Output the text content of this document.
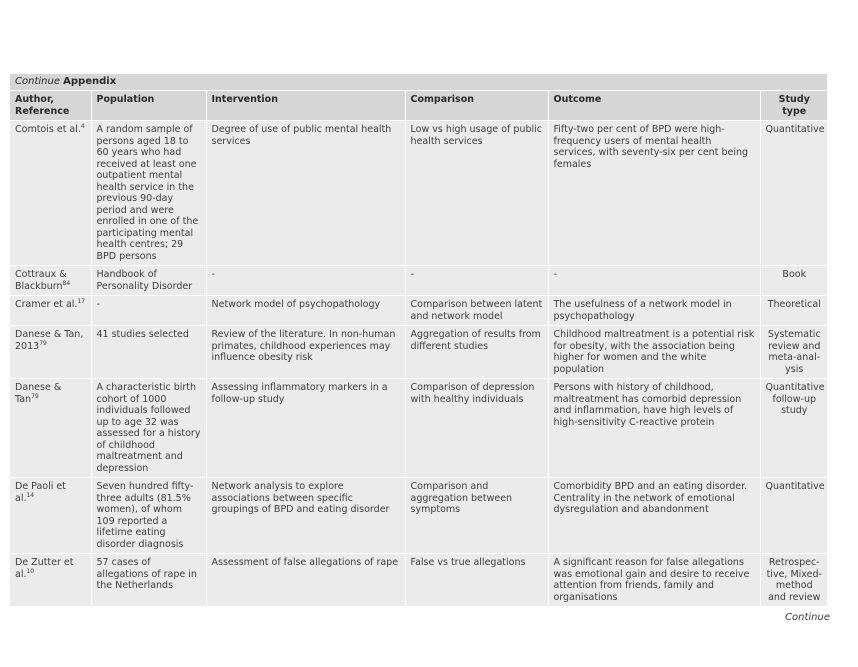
Continue Appendix
Author, Reference	Population	Intervention	Comparison	Outcome	Study type
Comtois et al.$^4$	A random sample of persons aged 18 to 60 years who had received at least one outpatient mental health service in the previous 90-day period and were enrolled in one of the participating mental health centres; 29 BPD persons	Degree of use of public mental health services	Low vs high usage of public health services	Fifty-two per cent of BPD were high-frequency users of mental health services, with seventy-six per cent being females	Quantitative
Cottraux & Blackburn$^{84}$	Handbook of Personality Disorder	-	-	-	Book
Cramer et al.$^{17}$	-	Network model of psychopathology	Comparison between latent and network model	The usefulness of a network model in psychopathology	Theoretical
Danese & Tan, 2013$^{79}$	41 studies selected	Review of the literature. In non-human primates, childhood experiences may influence obesity risk	Aggregation of results from different studies	Childhood maltreatment is a potential risk for obesity, with the association being higher for women and the white population	Systematic review and meta-anal-ysis
Danese & Tan$^{79}$	A characteristic birth cohort of 1000 individuals followed up to age 32 was assessed for a history of childhood maltreatment and depression	Assessing inflammatory markers in a follow-up study	Comparison of depression with healthy individuals	Persons with history of childhood, maltreatment has comorbid depression and inflammation, have high levels of high-sensitivity C-reactive protein	Quantitative follow-up study
De Paoli et al.$^{14}$	Seven hundred fifty-three adults (81.5% women), of whom 109 reported a lifetime eating disorder diagnosis	Network analysis to explore associations between specific groupings of BPD and eating disorder	Comparison and aggregation between symptoms	Comorbidity BPD and an eating disorder. Centrality in the network of emotional dysregulation and abandonment	Quantitative
De Zutter et al.$^{10}$	57 cases of allegations of rape in the Netherlands	Assessment of false allegations of rape	False vs true allegations	A significant reason for false allegations was emotional gain and desire to receive attention from friends, family and organisations	Retrospec-tive, Mixed-method and review
Continue
